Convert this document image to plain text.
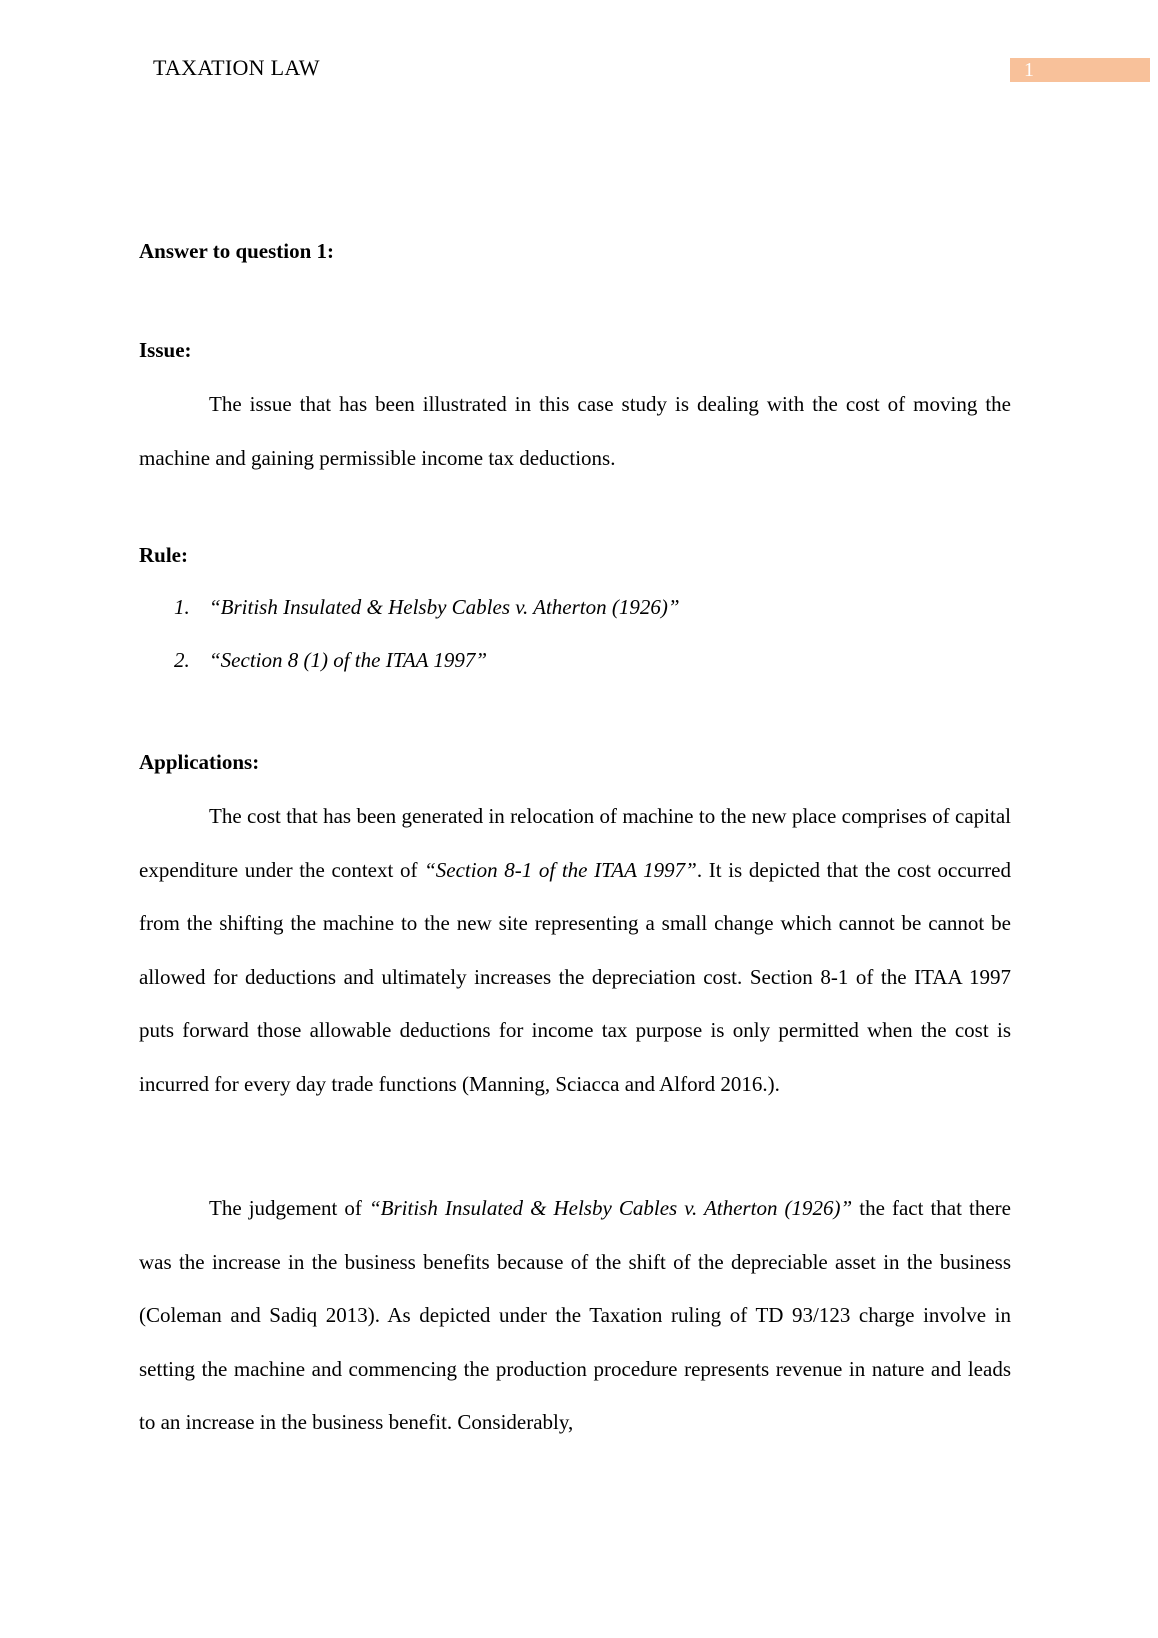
TAXATION LAW	1
Answer to question 1:
Issue:

The issue that has been illustrated in this case study is dealing with the cost of moving the machine and gaining permissible income tax deductions.

Rule:
1. “British Insulated & Helsby Cables v. Atherton (1926)”
2. “Section 8 (1) of the ITAA 1997”
Applications:

The cost that has been generated in relocation of machine to the new place comprises of capital expenditure under the context of “Section 8-1 of the ITAA 1997”. It is depicted that the cost occurred from the shifting the machine to the new site representing a small change which cannot be cannot be allowed for deductions and ultimately increases the depreciation cost. Section 8-1 of the ITAA 1997 puts forward those allowable deductions for income tax purpose is only permitted when the cost is incurred for every day trade functions (Manning, Sciacca and Alford 2016.).

The judgement of “British Insulated & Helsby Cables v. Atherton (1926)” the fact that there was the increase in the business benefits because of the shift of the depreciable asset in the business (Coleman and Sadiq 2013). As depicted under the Taxation ruling of TD 93/123 charge involve in setting the machine and commencing the production procedure represents revenue in nature and leads to an increase in the business benefit. Considerably,
